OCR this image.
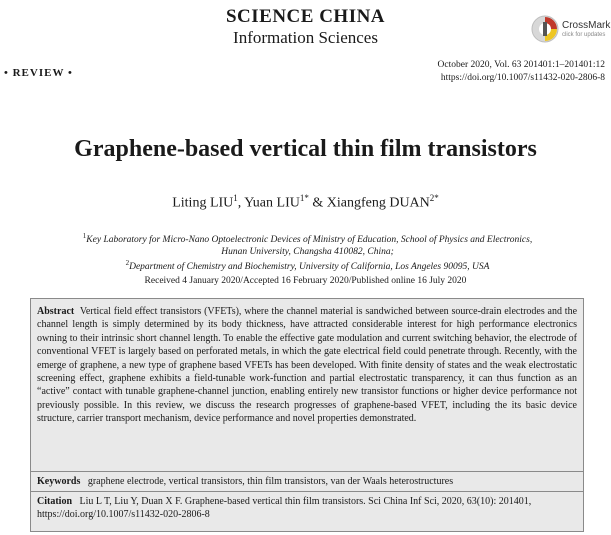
SCIENCE CHINA
Information Sciences
CrossMark
click for updates
• REVIEW •
October 2020, Vol. 63 201401:1–201401:12
https://doi.org/10.1007/s11432-020-2806-8
Graphene-based vertical thin film transistors
Liting LIU$^1$, Yuan $LIU^{1*}$ & Xiangfeng $DUAN^{2*}$
$^1$Key Laboratory for Micro-Nano Optoelectronic Devices of Ministry of Education, School of Physics and Electronics,
Hunan University, Changsha 410082, China;
$^2$Department of Chemistry and Biochemistry, University of California, Los Angeles 90095, USA
Received 4 January 2020/Accepted 16 February 2020/Published online 16 July 2020
Abstract Vertical field effect transistors (VFETs), where the channel material is sandwiched between source-drain electrodes and the channel length is simply determined by its body thickness, have attracted considerable interest for high performance electronics owning to their intrinsic short channel length. To enable the effective gate modulation and current switching behavior, the electrode of conventional VFET is largely based on perforated metals, in which the gate electrical field could penetrate through. Recently, with the emerge of graphene, a new type of graphene based VFETs has been developed. With finite density of states and the weak electrostatic screening effect, graphene exhibits a field-tunable work-function and partial electrostatic transparency, it can thus function as an “active” contact with tunable graphene-channel junction, enabling entirely new transistor functions or higher device performance not previously possible. In this review, we discuss the research progresses of graphene-based VFET, including the its basic device structure, carrier transport mechanism, device performance and novel properties demonstrated.
Keywords graphene electrode, vertical transistors, thin film transistors, van der Waals heterostructures
Citation Liu L T, Liu Y, Duan X F. Graphene-based vertical thin film transistors. Sci China Inf Sci, 2020, 63(10): 201401, https://doi.org/10.1007/s11432-020-2806-8
